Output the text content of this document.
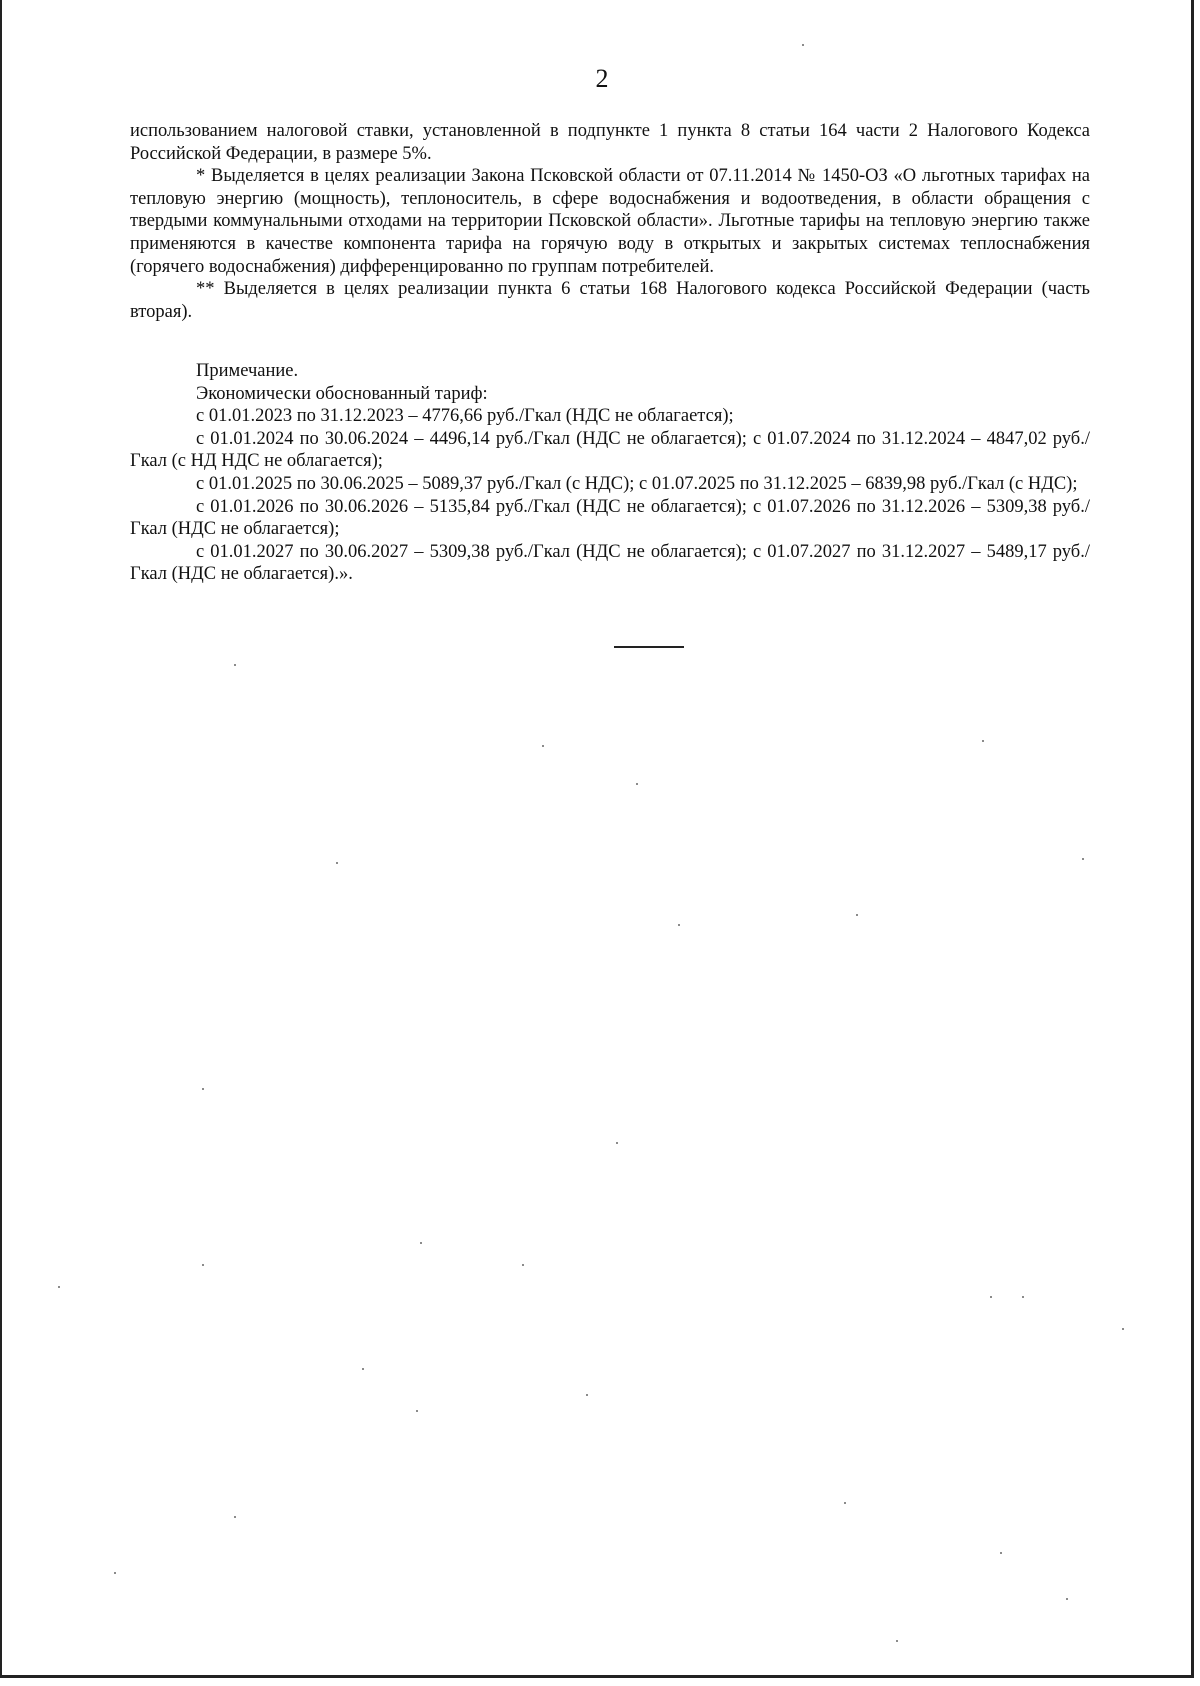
2

использованием налоговой ставки, установленной в подпункте 1 пункта 8 статьи 164 части 2 Налогового Кодекса Российской Федерации, в размере 5%.

* Выделяется в целях реализации Закона Псковской области от 07.11.2014 № 1450-ОЗ «О льготных тарифах на тепловую энергию (мощность), теплоноситель, в сфере водоснабжения и водоотведения, в области обращения с твердыми коммунальными отходами на территории Псковской области». Льготные тарифы на тепловую энергию также применяются в качестве компонента тарифа на горячую воду в открытых и закрытых системах теплоснабжения (горячего водоснабжения) дифференцированно по группам потребителей.

** Выделяется в целях реализации пункта 6 статьи 168 Налогового кодекса Российской Федерации (часть вторая).

Примечание.

Экономически обоснованный тариф:

с 01.01.2023 по 31.12.2023 – 4776,66 руб./Гкал (НДС не облагается);

с 01.01.2024 по 30.06.2024 – 4496,14 руб./Гкал (НДС не облагается); с 01.07.2024 по 31.12.2024 – 4847,02 руб./Гкал (с НД НДС не облагается);

с 01.01.2025 по 30.06.2025 – 5089,37 руб./Гкал (с НДС); с 01.07.2025 по 31.12.2025 – 6839,98 руб./Гкал (с НДС);

с 01.01.2026 по 30.06.2026 – 5135,84 руб./Гкал (НДС не облагается); с 01.07.2026 по 31.12.2026 – 5309,38 руб./Гкал (НДС не облагается);

с 01.01.2027 по 30.06.2027 – 5309,38 руб./Гкал (НДС не облагается); с 01.07.2027 по 31.12.2027 – 5489,17 руб./Гкал (НДС не облагается).».
